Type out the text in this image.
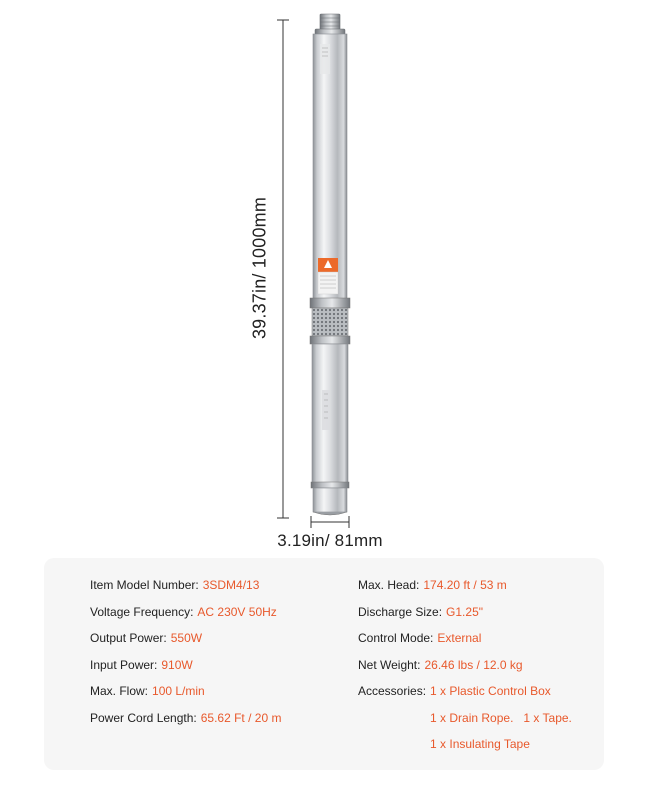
39.37in/ 1000mm
3.19in/ 81mm
Item Model Number: 3SDM4/13
Voltage Frequency: AC 230V 50Hz
Output Power: 550W
Input Power: 910W
Max. Flow: 100 L/min
Power Cord Length: 65.62 Ft / 20 m
Max. Head: 174.20 ft / 53 m
Discharge Size: G1.25"
Control Mode: External
Net Weight: 26.46 lbs / 12.0 kg
Accessories: 1 x Plastic Control Box
1 x Drain Rope.   1 x Tape.
1 x Insulating Tape
